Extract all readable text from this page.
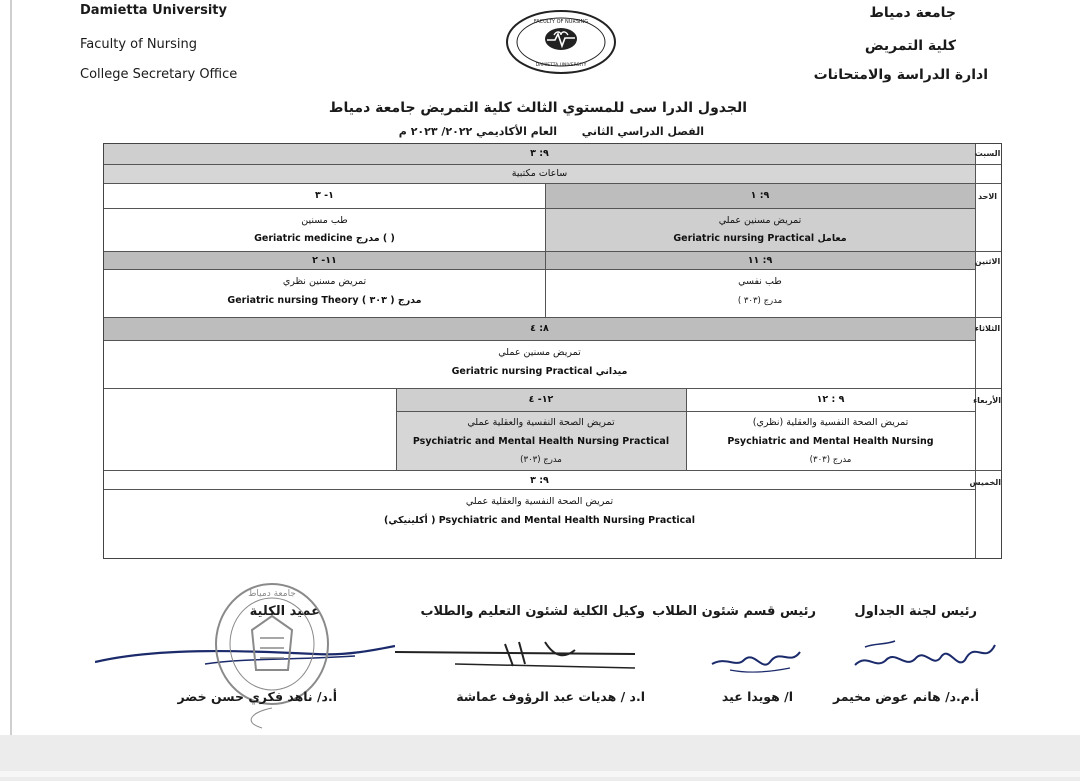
Damietta University
Faculty of Nursing
College Secretary Office
FACULTY OF NURSING
DAMIETTA UNIVERSITY
جامعة دمياط
كلية التمريض
ادارة الدراسة والامتحانات
الجدول الدرا سى للمستوي الثالث كلية التمريض جامعة دمياط
الفصل الدراسي الثاني
العام الأكاديمي ٢٠٢٢/ ٢٠٢٣ م
السبت
الاحد
الاثنين
الثلاثاء
الأربعاء
الخميس
٩: ٣
ساعات مكتبية
٩: ١
١- ٣
تمريض مسنين عملي
Geriatric nursing Practical معامل
طب مسنين
Geriatric medicine مدرج ( )
٩: ١١
١١- ٢
طب نفسي
مدرج (٣٠٣ )
تمريض مسنين نظري
Geriatric nursing Theory مدرج ( ٣٠٣ )
٨: ٤
تمريض مسنين عملي
Geriatric nursing Practical ميداني
٩ : ١٢
١٢- ٤
تمريض الصحة النفسية والعقلية (نظري)
Psychiatric and Mental Health Nursing
مدرج (٣٠٣)
تمريض الصحة النفسية والعقلية عملي
Psychiatric and Mental Health Nursing Practical
مدرج (٣٠٣)
٩: ٣
تمريض الصحة النفسية والعقلية عملي
(أكلينيكي ) Psychiatric and Mental Health Nursing Practical
رئيس لجنة الجداول
رئيس قسم شئون الطلاب
وكيل الكلية لشئون التعليم والطلاب
عميد الكلية
جامعة دمياط
أ.م.د/ هانم عوض مخيمر
ا/ هويدا عيد
ا.د / هديات عبد الرؤوف عماشة
أ.د/ ناهد فكري حسن خضر
